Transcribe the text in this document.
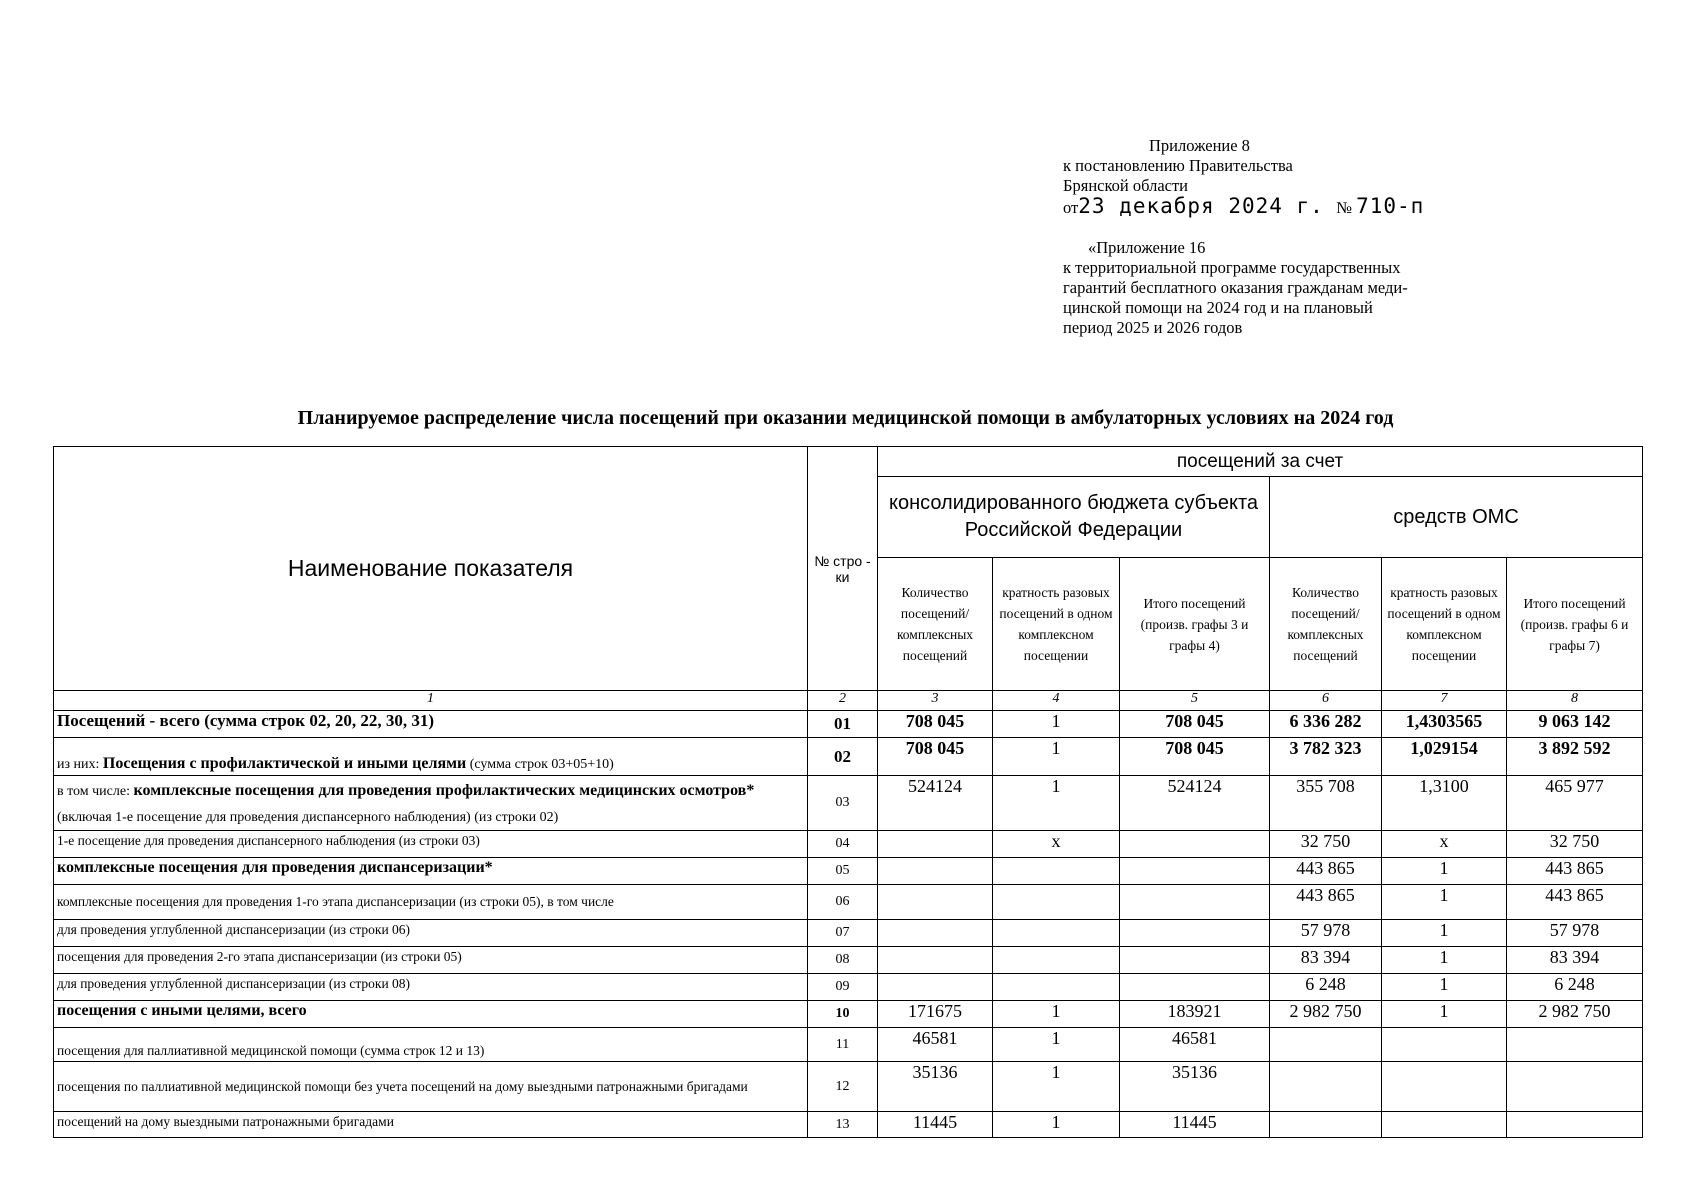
Приложение 8
к постановлению Правительства
Брянской области
от23 декабря 2024 г. № 710-п
«Приложение 16
к территориальной программе государственных
гарантий бесплатного оказания гражданам меди-
цинской помощи на 2024 год и на плановый
период 2025 и 2026 годов
Планируемое распределение числа посещений при оказании медицинской помощи в амбулаторных условиях на 2024 год
Наименование показателя	№ стро - ки	посещений за счет					
		консолидированного бюджета субъекта Российской Федерации			средств ОМС		
		Количество посещений/ комплексных посещений	кратность разовых посещений в одном комплексном посещении	Итого посещений (произв. графы 3 и графы 4)	Количество посещений/ комплексных посещений	кратность разовых посещений в одном комплексном посещении	Итого посещений (произв. графы 6 и графы 7)
1	2	3	4	5	6	7	8
Посещений - всего (сумма строк 02, 20, 22, 30, 31)	01	708 045	1	708 045	6 336 282	1,4303565	9 063 142
из них: Посещения с профилактической и иными целями (сумма строк 03+05+10)	02	708 045	1	708 045	3 782 323	1,029154	3 892 592
в том числе: комплексные посещения для проведения профилактических медицинских осмотров* (включая 1-е посещение для проведения диспансерного наблюдения) (из строки 02)	03	524124	1	524124	355 708	1,3100	465 977
1-е посещение для проведения диспансерного наблюдения (из строки 03)	04		х		32 750	х	32 750
комплексные посещения для проведения диспансеризации*	05				443 865	1	443 865
комплексные посещения для проведения 1-го этапа диспансеризации (из строки 05), в том числе	06				443 865	1	443 865
для проведения углубленной диспансеризации (из строки 06)	07				57 978	1	57 978
посещения для проведения 2-го этапа диспансеризации (из строки 05)	08				83 394	1	83 394
для проведения углубленной диспансеризации (из строки 08)	09				6 248	1	6 248
посещения с иными целями, всего	10	171675	1	183921	2 982 750	1	2 982 750
посещения для паллиативной медицинской помощи (сумма строк 12 и 13)	11	46581	1	46581			
посещения по паллиативной медицинской помощи без учета посещений на дому выездными патронажными бригадами	12	35136	1	35136			
посещений на дому выездными патронажными бригадами	13	11445	1	11445			
